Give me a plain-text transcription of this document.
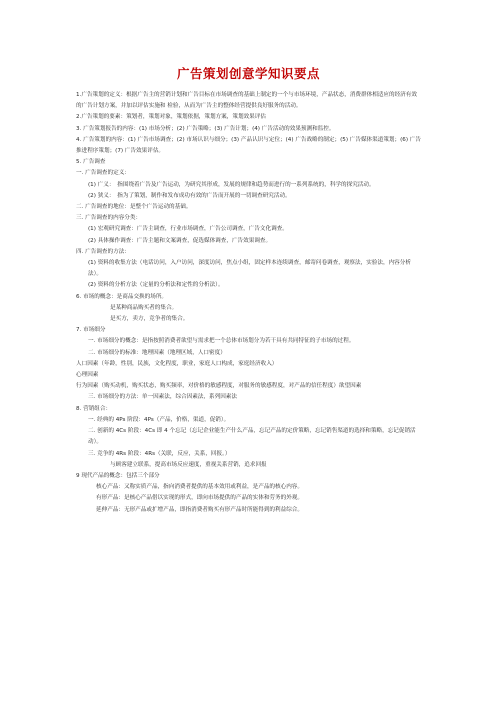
广告策划创意学知识要点
1.广告策划的定义：根据广告主的营销计划和广告目标在市场调查的基础上制定的一个与市场环境，产品状态，消费群体相适应的经济有效的广告计划方案，并加以评估实施和 检验，从而为广告主的整体经营提供良好服务的活动。
2.广告策划的要素：策划者，策划对象，策划依据，策划方案，策划效果评估
3. 广告策划报告的内容：(1) 市场分析；(2) 广告策略；(3) 广告计划；(4) 广告活动的效果预测和监控。
4. 广告策划的内容：(1) 广告市场调查；(2) 市场认识与细分；(3) 产品认识与定位；(4) 广告战略的制定；(5) 广告媒体渠道策划；(6) 广告推进程序策划；(7) 广告效果评估。
5. 广告调查
一. 广告调查的定义：
(1) 广义：　指围绕着广告及广告运动，为研究其形成，发展的规律和趋势而进行的一系列系统的，科学的探究活动。
(2) 狭义：　指为了策划，制作和发布成功有效的广告而开展的一切调查研究活动。
二. 广告调查的地位：是整个广告运动的基础。
三. 广告调查的内容分类：
(1) 宏观研究调查：广告主调查，行业市场调查，广告公司调查，广告文化调查。
(2) 具体操作调查：广告主题和文案调查，促选媒体调查，广告效果调查。
四. 广告调查的方法：
(1) 资料的收集方法（电话访问，入户访问，深度访问，焦点小组，固定样本连续调查，邮寄问卷调查，观察法，实验法，内容分析法）。
(2) 资料的分析方法（定量的分析法和定性的分析法）。
6. 市场的概念：是商品交换的场所。
是某种商品购买者的集合。
是买方，卖方，竞争者的集合。
7. 市场细分
一. 市场细分的概念：是指按照消费者欲望与需求把一个总体市场划分为若干具有共同特征的子市场的过程。
二. 市场细分的标准：地理因素（地理区域，人口密度）
人口因素（年龄，性别，民族，文化程度，职业，家庭人口构成，家庭经济收入）
心理因素
行为因素（购买动机，购买状态，购买频率，对价格的敏感程度，对服务的敏感程度，对产品的信任程度）欲望因素
三. 市场细分的方法：单一因素法，综合因素法，系列因素法
8. 营销组合：
一. 经典的 4Ps 阶段：4Ps（产品，价格，渠道，促销）。
二. 创新的 4Cs 阶段：4Cs 即 4 个忘记（忘记企业能生产什么产品，忘记产品的定价策略，忘记销售渠道的选择和策略，忘记促销活动）。
三. 竞争的 4Rs 阶段：4Rs（关联，反应，关系，回报。）
与顾客建立联系，提高市场反应速度，重视关系营销，追求回报
9 现代产品的概念：包括三个部分
核心产品：又称实质产品，指向消费者提供的基本效用或利益，是产品的核心内容。
有形产品：是核心产品借以实现的形式，即向市场提供的产品的实体和劳务的外观。
延伸产品：无形产品或扩增产品，即指消费者购买有形产品时所能得到的利益综合。
